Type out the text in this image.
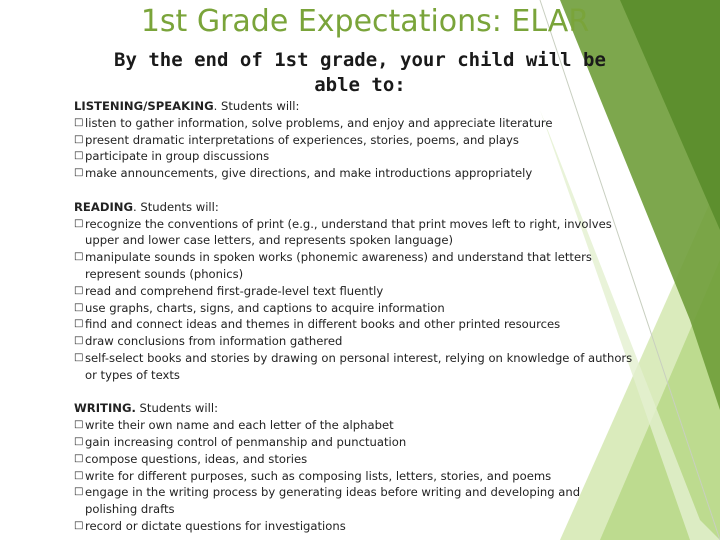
1st Grade Expectations: ELAR
By the end of 1st grade, your child will be able to:
LISTENING/SPEAKING. Students will:
□ listen to gather information, solve problems, and enjoy and appreciate literature
□ present dramatic interpretations of experiences, stories, poems, and plays
□ participate in group discussions
□ make announcements, give directions, and make introductions appropriately
READING. Students will:
□ recognize the conventions of print (e.g., understand that print moves left to right, involves upper and lower case letters, and represents spoken language)
□ manipulate sounds in spoken works (phonemic awareness) and understand that letters represent sounds (phonics)
□ read and comprehend first-grade-level text fluently
□ use graphs, charts, signs, and captions to acquire information
□ find and connect ideas and themes in different books and other printed resources
□ draw conclusions from information gathered
□ self-select books and stories by drawing on personal interest, relying on knowledge of authors or types of texts
WRITING. Students will:
□ write their own name and each letter of the alphabet
□ gain increasing control of penmanship and punctuation
□ compose questions, ideas, and stories
□ write for different purposes, such as composing lists, letters, stories, and poems
□ engage in the writing process by generating ideas before writing and developing and polishing drafts
□ record or dictate questions for investigations
